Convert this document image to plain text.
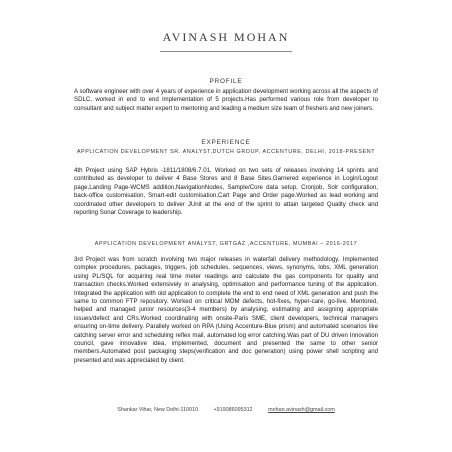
AVINASH MOHAN
PROFILE
A software engineer with over 4 years of experience in application development working across all the aspects of SDLC, worked in end to end implementation of 5 projects.Has performed various role from developer to consultant and subject matter expert to mentoring and leading a medium size team of freshers and new joiners.
EXPERIENCE
APPLICATION DEVELOPMENT SR. ANALYST,DUTCH GROUP, ACCENTURE, DELHI, 2018-PRESENT
4th Project using SAP Hybris -1811/1808/6.7.01, Worked on two sets of releases involving 14 sprints and contributed as developer to deliver 4 Base Stores and 8 Base Sites.Garnered experience in Login/Logout page,Landing Page-WCMS addition,NavigationNodes, Sample/Core data setup, Cronjob, Solr configuration, back-office customisation, Smart-edit customisation,Cart Page and Order page.Worked as lead working and coordinated other developers to deliver JUnit at the end of the sprint to attain targeted Quality check and reporting Sonar Coverage to leadership.
APPLICATION DEVELOPMENT ANALYST, GRTGAZ ,ACCENTURE, MUMBAI – 2016-2017
3rd Project was from scratch involving two major releases in waterfall delivery methodology. Implemented complex procedures, packages, triggers, job schedules, sequences, views, synonyms, lobs, XML generation using PL/SQL for acquiring real time meter readings and calculate the gas components for quality and transaction checks.Worked extensively in analysing, optimisation and performance tuning of the application. Integrated the application with old application to complete the end to end need of XML generation and push the same to common FTP repository. Worked on critical MOM defects, hot-fixes, hyper-care, go-live. Mentored, helped and managed junior resources(3-4 members) by analysing, estimating and assigning appropriate issues/defect and CRs.Worked coordinating with onsite-Paris SME, client developers, technical managers ensuring on-time delivery. Parallely worked on RPA (Using Accenture-Blue prism) and automated scenarios like catching server error and scheduling reflex mail, automated log error catching.Was part of DU driven Innovation council, gave innovative idea, implemented, document and presented the same to other senior members.Automated post packaging steps(verification and doc generation) using power shell scripting and presented and was appreciated by client.
Shankar Vihar, New Delhi-110010	+919086095312	mohan.avinash@gmail.com
